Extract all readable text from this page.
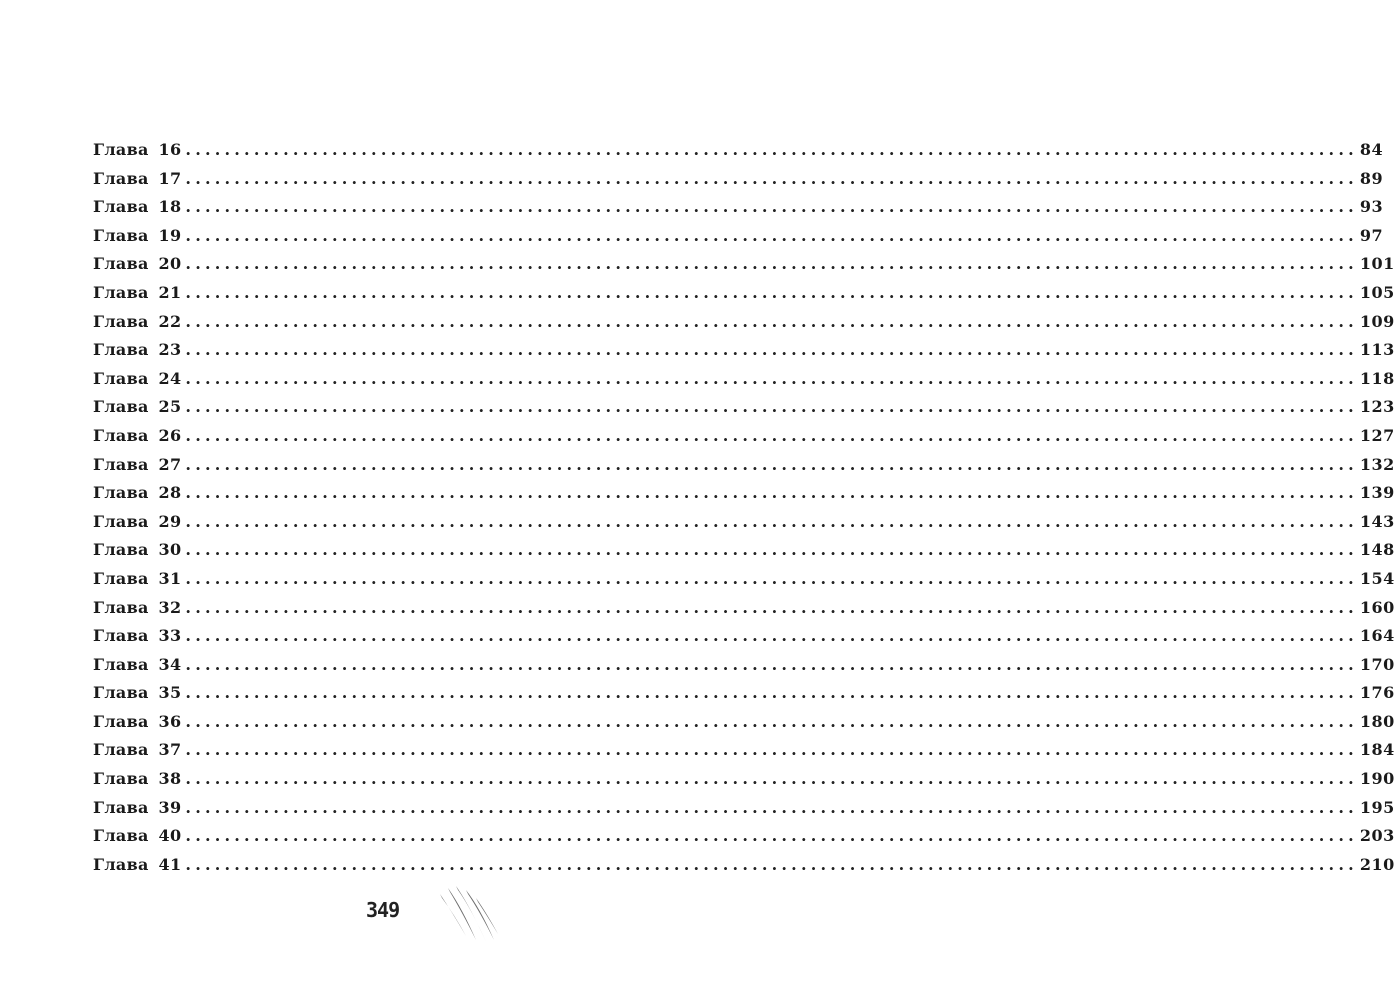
Глава 16 ........................................................................................................................ 84
Глава 17 ........................................................................................................................ 89
Глава 18 ........................................................................................................................ 93
Глава 19 ........................................................................................................................ 97
Глава 20 ........................................................................................................................ 101
Глава 21 ........................................................................................................................ 105
Глава 22 ........................................................................................................................ 109
Глава 23 ........................................................................................................................ 113
Глава 24 ........................................................................................................................ 118
Глава 25 ........................................................................................................................ 123
Глава 26 ........................................................................................................................ 127
Глава 27 ........................................................................................................................ 132
Глава 28 ........................................................................................................................ 139
Глава 29 ........................................................................................................................ 143
Глава 30 ........................................................................................................................ 148
Глава 31 ........................................................................................................................ 154
Глава 32 ........................................................................................................................ 160
Глава 33 ........................................................................................................................ 164
Глава 34 ........................................................................................................................ 170
Глава 35 ........................................................................................................................ 176
Глава 36 ........................................................................................................................ 180
Глава 37 ........................................................................................................................ 184
Глава 38 ........................................................................................................................ 190
Глава 39 ........................................................................................................................ 195
Глава 40 ........................................................................................................................ 203
Глава 41 ........................................................................................................................ 210
349
